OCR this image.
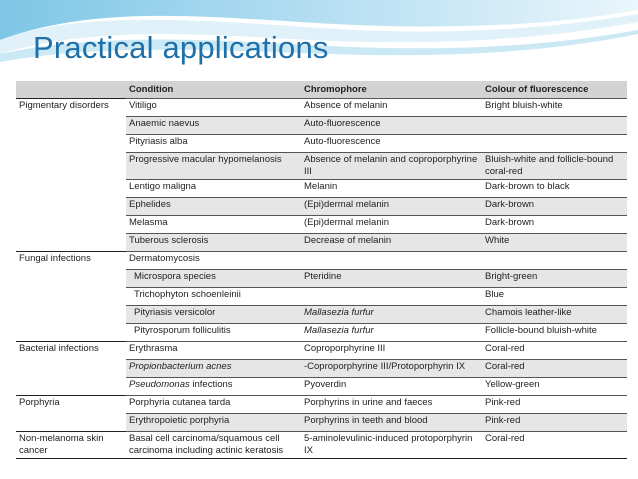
Practical applications
	Condition	Chromophore	Colour of fluorescence
Pigmentary disorders	Vitiligo	Absence of melanin	Bright bluish-white
	Anaemic naevus	Auto-fluorescence	
	Pityriasis alba	Auto-fluorescence	
	Progressive macular hypomelanosis	Absence of melanin and coproporphyrine III	Bluish-white and follicle-bound coral-red
	Lentigo maligna	Melanin	Dark-brown to black
	Ephelides	(Epi)dermal melanin	Dark-brown
	Melasma	(Epi)dermal melanin	Dark-brown
	Tuberous sclerosis	Decrease of melanin	White
Fungal infections	Dermatomycosis		
	Microspora species	Pteridine	Bright-green
	Trichophyton schoenleinii		Blue
	Pityriasis versicolor	Mallasezia furfur	Chamois leather-like
	Pityrosporum folliculitis	Mallasezia furfur	Follicle-bound bluish-white
Bacterial infections	Erythrasma	Coproporphyrine III	Coral-red
	Propionbacterium acnes	-Coproporphyrine III/Protoporphyrin IX	Coral-red
	Pseudomonas infections	Pyoverdin	Yellow-green
Porphyria	Porphyria cutanea tarda	Porphyrins in urine and faeces	Pink-red
	Erythropoietic porphyria	Porphyrins in teeth and blood	Pink-red
Non-melanoma skin cancer	Basal cell carcinoma/squamous cell carcinoma including actinic keratosis	5-aminolevulinic-induced protoporphyrin IX	Coral-red
